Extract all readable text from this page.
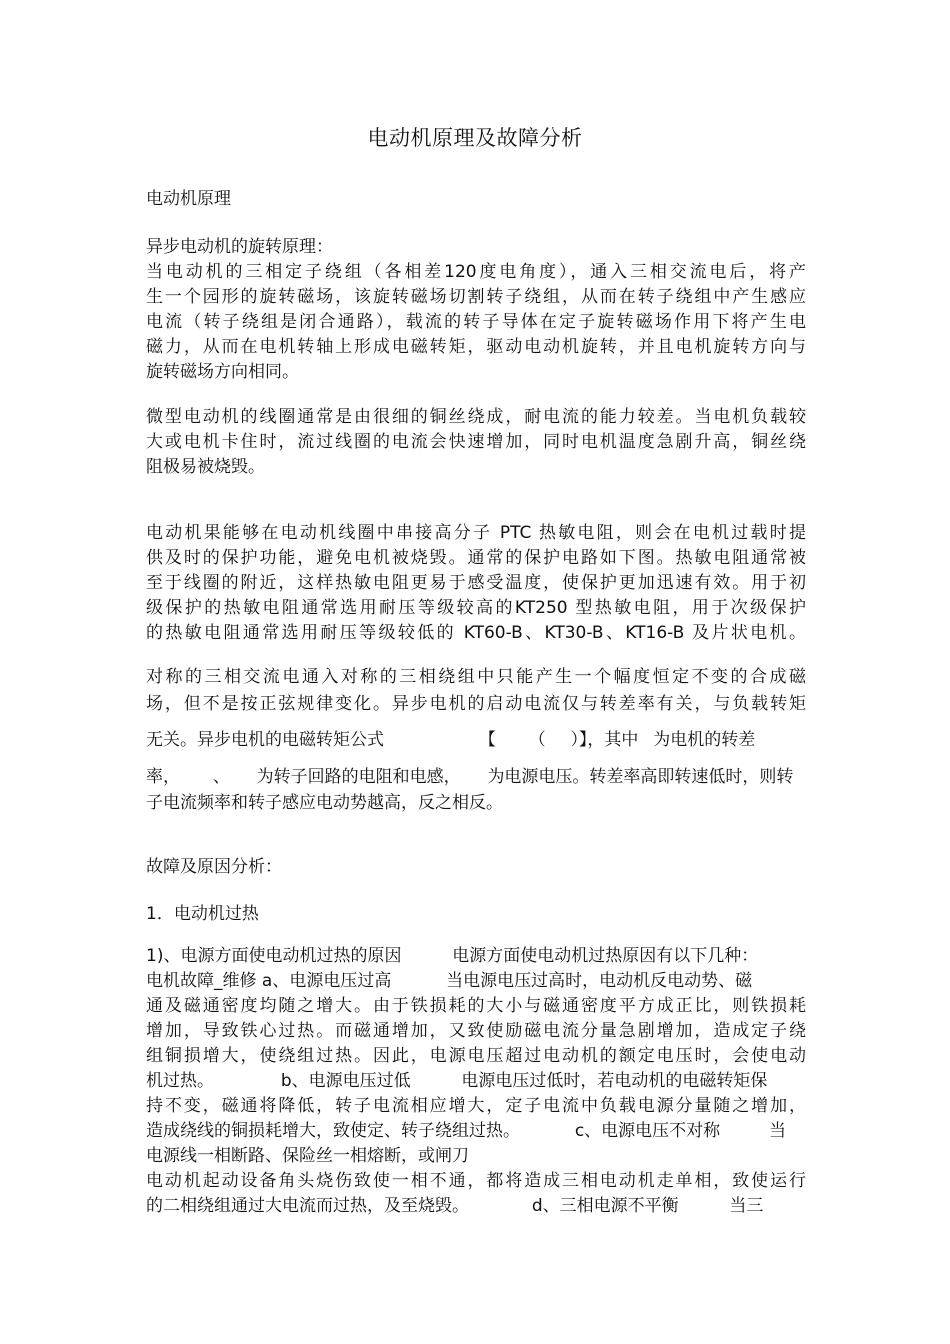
电动机原理及故障分析
电动机原理
异步电动机的旋转原理：
当电动机的三相定子绕组（各相差120度电角度），通入三相交流电后，将产
生一个园形的旋转磁场，该旋转磁场切割转子绕组，从而在转子绕组中产生感应
电流（转子绕组是闭合通路），载流的转子导体在定子旋转磁场作用下将产生电
磁力，从而在电机转轴上形成电磁转矩，驱动电动机旋转，并且电机旋转方向与
旋转磁场方向相同。
微型电动机的线圈通常是由很细的铜丝绕成，耐电流的能力较差。当电机负载较
大或电机卡住时，流过线圈的电流会快速增加，同时电机温度急剧升高，铜丝绕
阻极易被烧毁。
电动机果能够在电动机线圈中串接高分子 PTC 热敏电阻，则会在电机过载时提
供及时的保护功能，避免电机被烧毁。通常的保护电路如下图。热敏电阻通常被
至于线圈的附近，这样热敏电阻更易于感受温度，使保护更加迅速有效。用于初
级保护的热敏电阻通常选用耐压等级较高的KT250 型热敏电阻，用于次级保护
的热敏电阻通常选用耐压等级较低的 KT60-B、KT30-B、KT16-B 及片状电机。
对称的三相交流电通入对称的三相绕组中只能产生一个幅度恒定不变的合成磁
场，但不是按正弦规律变化。异步电机的启动电流仅与转差率有关，与负载转矩
无关。异步电机的电磁转矩公式	【 （ ）】，其中 为电机的转差
率， 、 为转子回路的电阻和电感， 为电源电压。转差率高即转速低时，则转
子电流频率和转子感应电动势越高，反之相反。
故障及原因分析：
1．电动机过热
1)、电源方面使电动机过热的原因	电源方面使电动机过热原因有以下几种：
电机故障_维修 a、电源电压过高	当电源电压过高时，电动机反电动势、磁
通及磁通密度均随之增大。由于铁损耗的大小与磁通密度平方成正比，则铁损耗
增加，导致铁心过热。而磁通增加，又致使励磁电流分量急剧增加，造成定子绕
组铜损增大，使绕组过热。因此，电源电压超过电动机的额定电压时，会使电动
机过热。	b、电源电压过低	电源电压过低时，若电动机的电磁转矩保
持不变，磁通将降低，转子电流相应增大，定子电流中负载电源分量随之增加，
造成绕线的铜损耗增大，致使定、转子绕组过热。	c、电源电压不对称	当
电源线一相断路、保险丝一相熔断，或闸刀
电动机起动设备角头烧伤致使一相不通，都将造成三相电动机走单相，致使运行
的二相绕组通过大电流而过热，及至烧毁。	d、三相电源不平衡	当三
